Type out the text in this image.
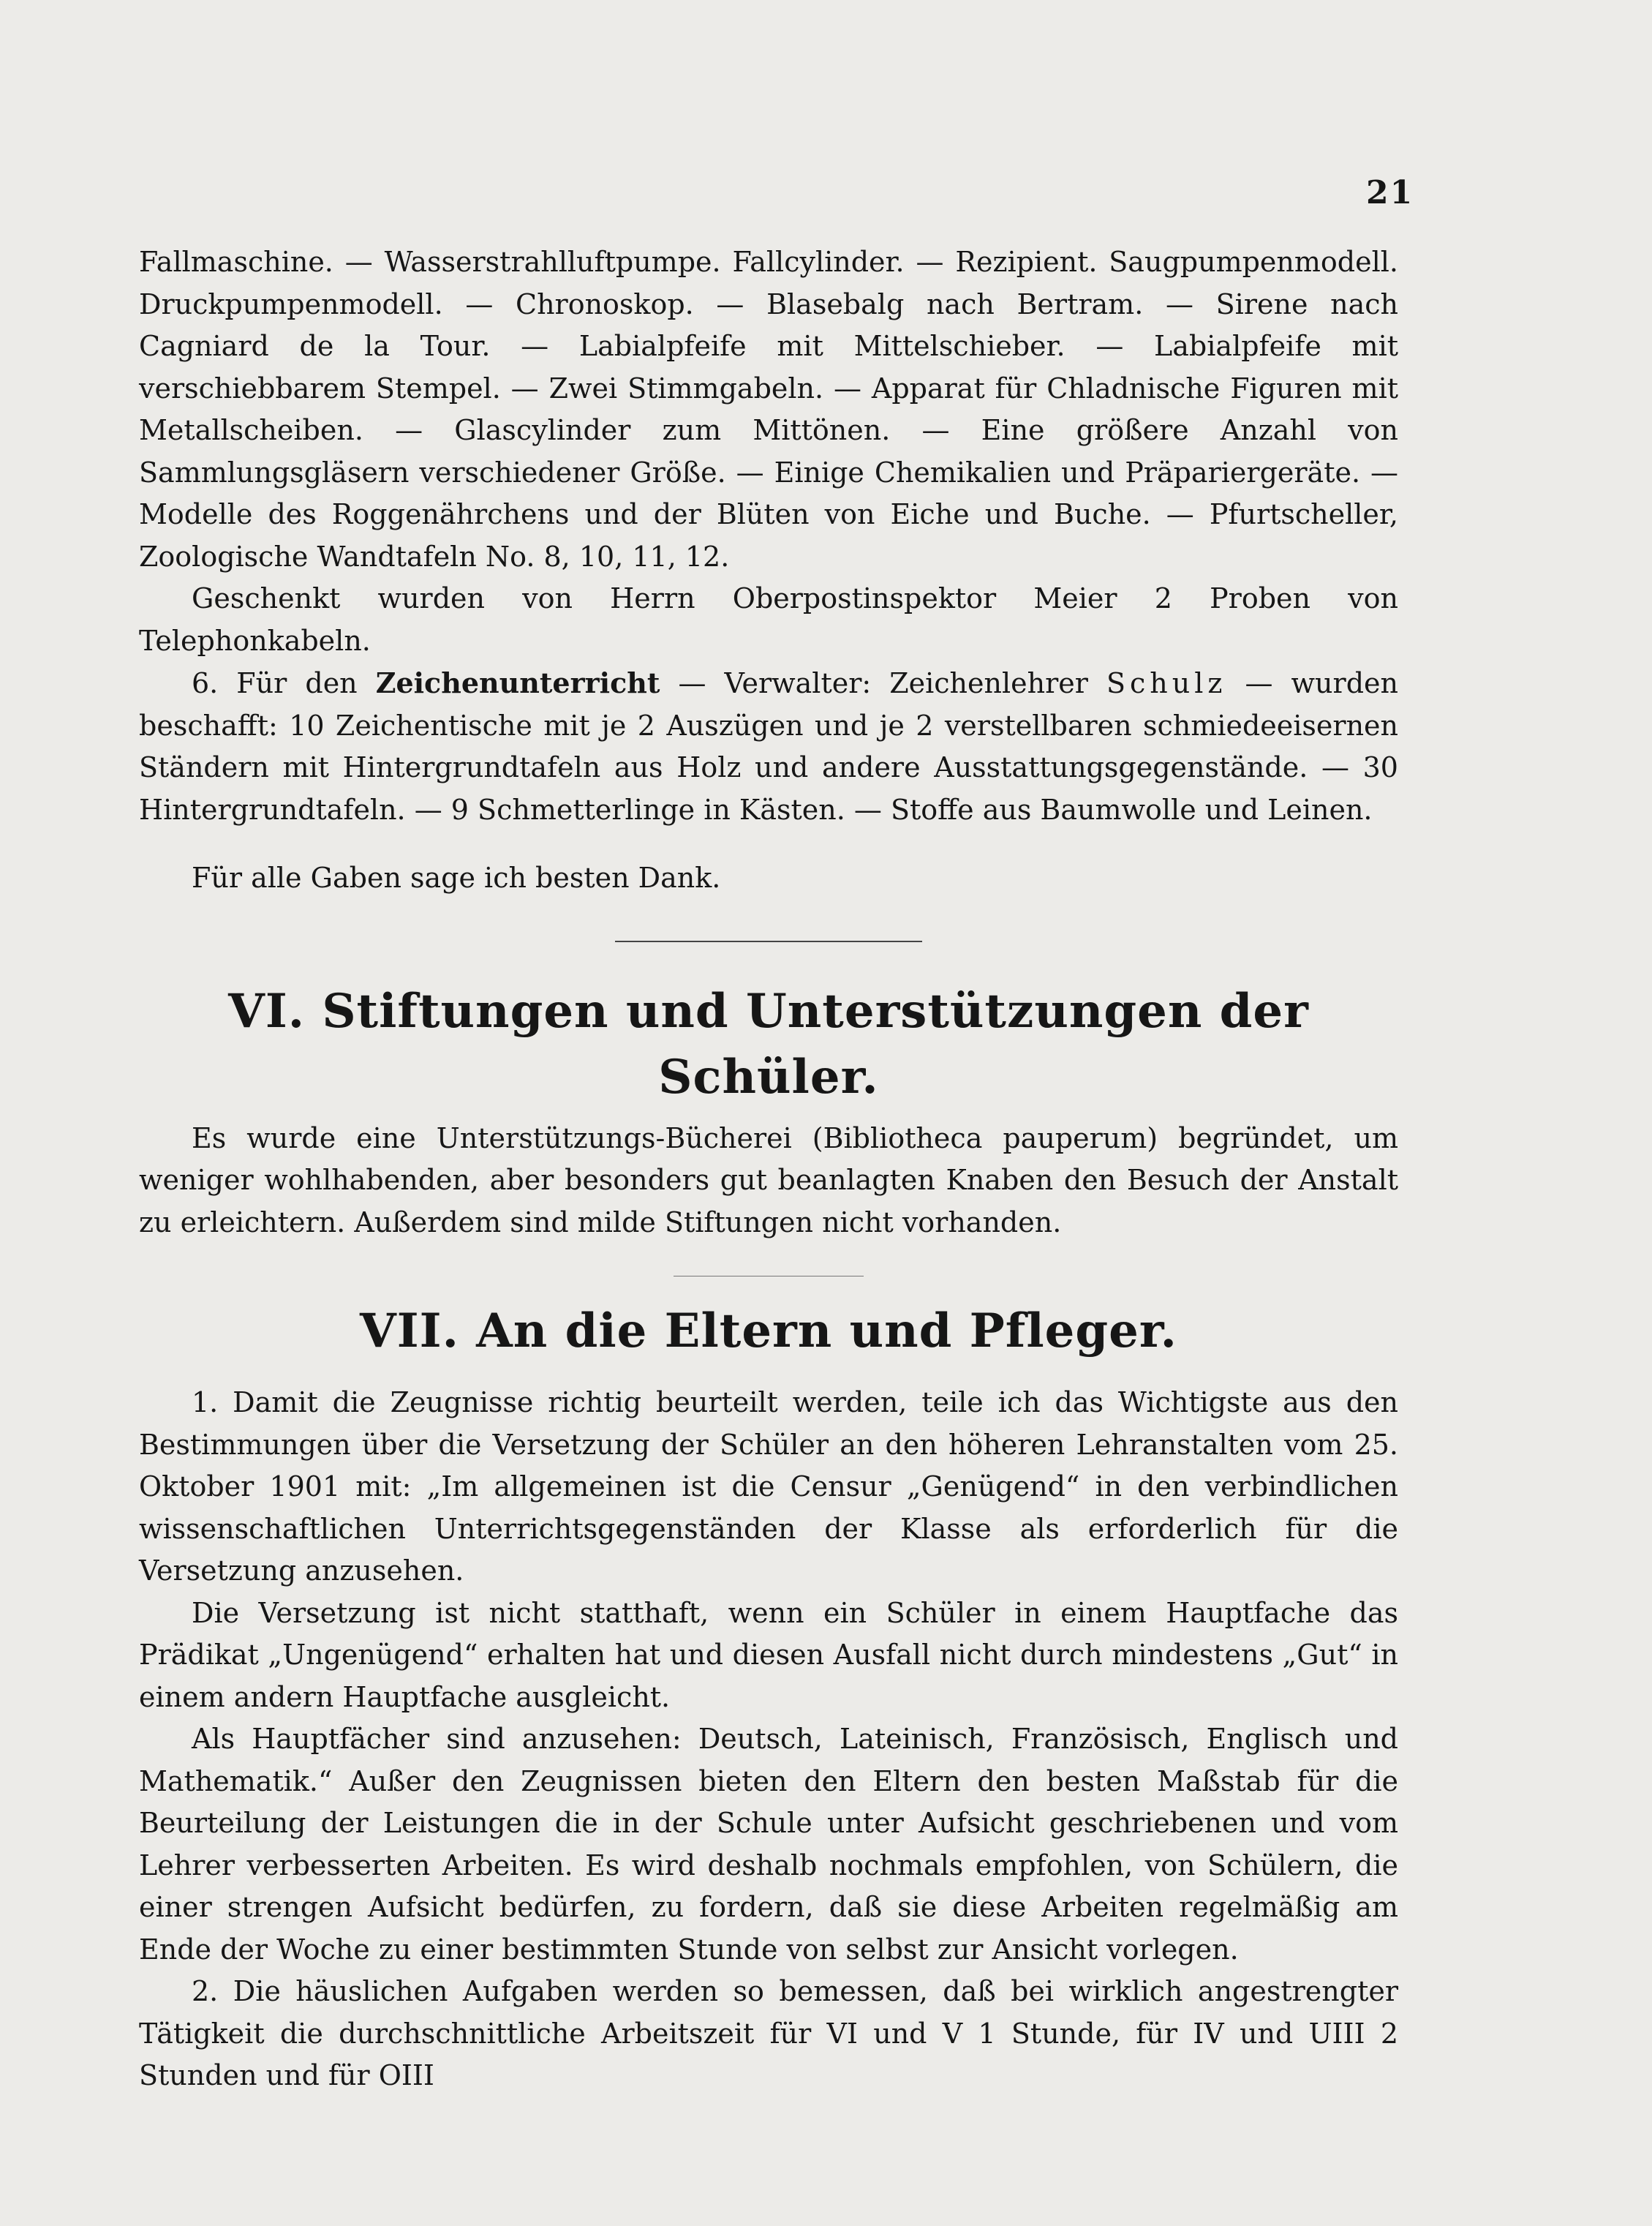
21

Fallmaschine. — Wasserstrahlluftpumpe. Fallcylinder. — Rezipient. Saugpumpenmodell. Druckpumpenmodell. — Chronoskop. — Blasebalg nach Bertram. — Sirene nach Cagniard de la Tour. — Labialpfeife mit Mittelschieber. — Labialpfeife mit verschiebbarem Stempel. — Zwei Stimmgabeln. — Apparat für Chladnische Figuren mit Metallscheiben. — Glascylinder zum Mittönen. — Eine größere Anzahl von Sammlungsgläsern verschiedener Größe. — Einige Chemikalien und Präpariergeräte. — Modelle des Roggenährchens und der Blüten von Eiche und Buche. — Pfurtscheller, Zoologische Wandtafeln No. 8, 10, 11, 12.

Geschenkt wurden von Herrn Oberpostinspektor Meier 2 Proben von Telephonkabeln.

6. Für den Zeichenunterricht — Verwalter: Zeichenlehrer Schulz — wurden beschafft: 10 Zeichentische mit je 2 Auszügen und je 2 verstellbaren schmiedeeisernen Ständern mit Hintergrundtafeln aus Holz und andere Ausstattungsgegenstände. — 30 Hintergrundtafeln. — 9 Schmetterlinge in Kästen. — Stoffe aus Baumwolle und Leinen.

Für alle Gaben sage ich besten Dank.

VI. Stiftungen und Unterstützungen der Schüler.

Es wurde eine Unterstützungs-Bücherei (Bibliotheca pauperum) begründet, um weniger wohlhabenden, aber besonders gut beanlagten Knaben den Besuch der Anstalt zu erleichtern. Außerdem sind milde Stiftungen nicht vorhanden.

VII. An die Eltern und Pfleger.

1. Damit die Zeugnisse richtig beurteilt werden, teile ich das Wichtigste aus den Bestimmungen über die Versetzung der Schüler an den höheren Lehranstalten vom 25. Oktober 1901 mit: „Im allgemeinen ist die Censur „Genügend“ in den verbindlichen wissenschaftlichen Unterrichtsgegenständen der Klasse als erforderlich für die Versetzung anzusehen.

Die Versetzung ist nicht statthaft, wenn ein Schüler in einem Hauptfache das Prädikat „Ungenügend“ erhalten hat und diesen Ausfall nicht durch mindestens „Gut“ in einem andern Hauptfache ausgleicht.

Als Hauptfächer sind anzusehen: Deutsch, Lateinisch, Französisch, Englisch und Mathematik.“ Außer den Zeugnissen bieten den Eltern den besten Maßstab für die Beurteilung der Leistungen die in der Schule unter Aufsicht geschriebenen und vom Lehrer verbesserten Arbeiten. Es wird deshalb nochmals empfohlen, von Schülern, die einer strengen Aufsicht bedürfen, zu fordern, daß sie diese Arbeiten regelmäßig am Ende der Woche zu einer bestimmten Stunde von selbst zur Ansicht vorlegen.

2. Die häuslichen Aufgaben werden so bemessen, daß bei wirklich angestrengter Tätigkeit die durchschnittliche Arbeitszeit für VI und V 1 Stunde, für IV und UIII 2 Stunden und für OIII
